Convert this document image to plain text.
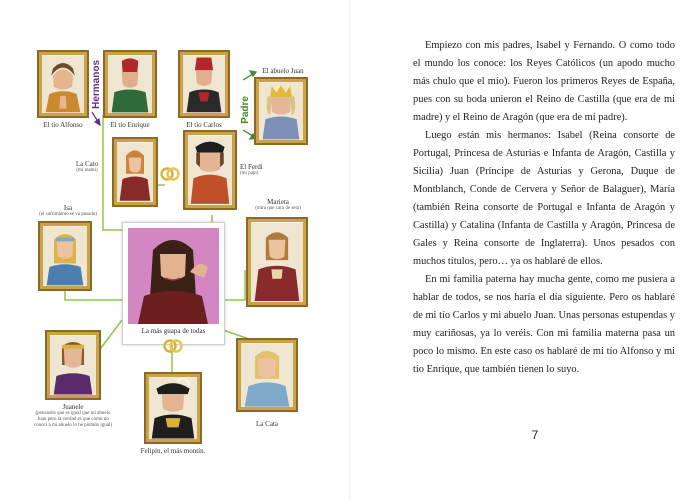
El tío Alfonso
Hermanos
El tío Enrique	El tío Carlos
Padre
El abuelo Juan
La Cato
(mi mami)	El Ferdi
(mi papi)
Isa
(el sufrimiento se va pasado)
La más guapa de todas
Marieta
(mira que cara de seta)
Juanele
(pensaréis que es igual que mi abuelo Juan pero la verdad es que como no conocí a mi abuelo lo he pintado igual)
Felipín, el más montín.
La Cata

Empiezo con mis padres, Isabel y Fernando. O como todo el mundo los conoce: los Reyes Católicos (un apodo mucho más chulo que el mío). Fueron los primeros Reyes de España, pues con su boda unieron el Reino de Castilla (que era de mi madre) y el Reino de Aragón (que era de mi padre).

Luego están mis hermanos: Isabel (Reina consorte de Portugal, Princesa de Asturias e Infanta de Aragón, Castilla y Sicilia) Juan (Príncipe de Asturias y Gerona, Duque de Montblanch, Conde de Cervera y Señor de Balaguer), María (también Reina consorte de Portugal e Infanta de Aragón y Castilla) y Catalina (Infanta de Castilla y Aragón, Princesa de Gales y Reina consorte de Inglaterra). Unos pesados con muchos títulos, pero… ya os hablaré de ellos.

En mi familia paterna hay mucha gente, como me pusiera a hablar de todos, se nos haría el día siguiente. Pero os hablaré de mi tío Carlos y mi abuelo Juan. Unas personas estupendas y muy cariñosas, ya lo veréis. Con mi familia materna pasa un poco lo mismo. En este caso os hablaré de mi tío Alfonso y mi tío Enrique, que también tienen lo suyo.

7
